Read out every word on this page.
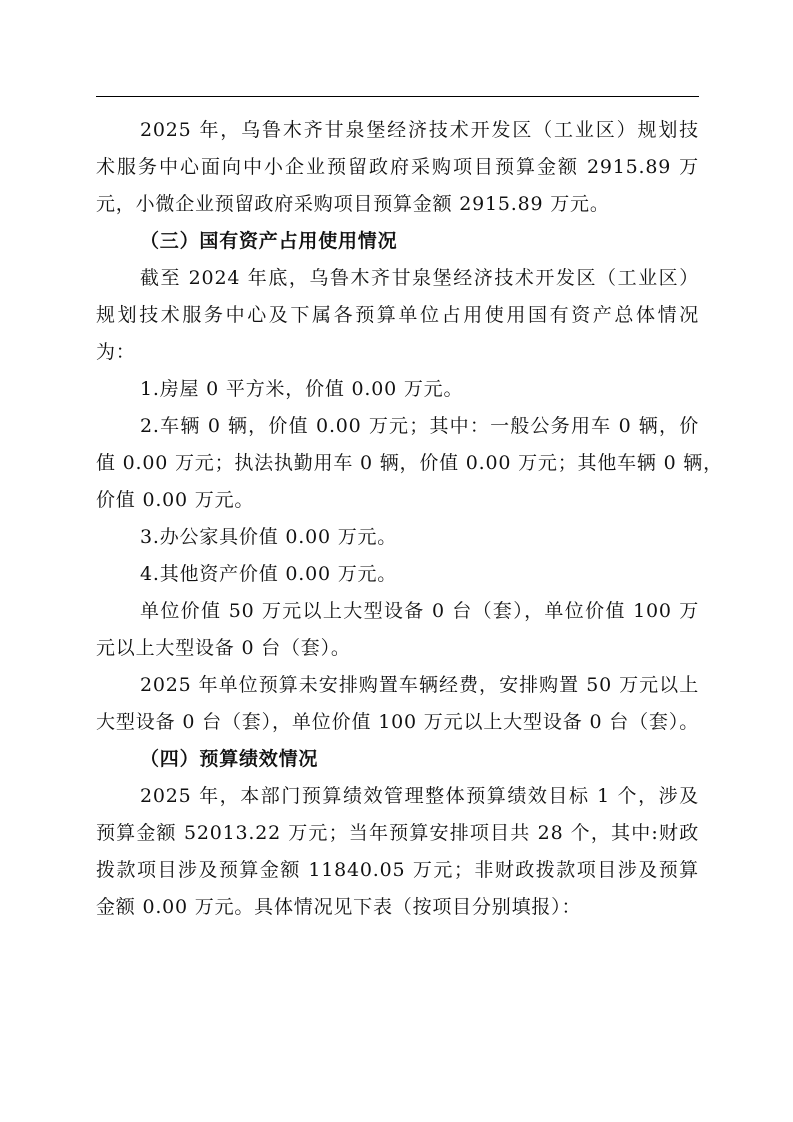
2025 年，乌鲁木齐甘泉堡经济技术开发区（工业区）规划技
术服务中心面向中小企业预留政府采购项目预算金额 2915.89 万
元，小微企业预留政府采购项目预算金额 2915.89 万元。
（三）国有资产占用使用情况
截至 2024 年底，乌鲁木齐甘泉堡经济技术开发区（工业区）
规划技术服务中心及下属各预算单位占用使用国有资产总体情况
为：
1.房屋 0 平方米，价值 0.00 万元。
2.车辆 0 辆，价值 0.00 万元；其中：一般公务用车 0 辆，价
值 0.00 万元；执法执勤用车 0 辆，价值 0.00 万元；其他车辆 0 辆，
价值 0.00 万元。
3.办公家具价值 0.00 万元。
4.其他资产价值 0.00 万元。
单位价值 50 万元以上大型设备 0 台（套），单位价值 100 万
元以上大型设备 0 台（套）。
2025 年单位预算未安排购置车辆经费，安排购置 50 万元以上
大型设备 0 台（套），单位价值 100 万元以上大型设备 0 台（套）。
（四）预算绩效情况
2025 年，本部门预算绩效管理整体预算绩效目标 1 个，涉及
预算金额 52013.22 万元；当年预算安排项目共 28 个，其中:财政
拨款项目涉及预算金额 11840.05 万元；非财政拨款项目涉及预算
金额 0.00 万元。具体情况见下表（按项目分别填报）：
